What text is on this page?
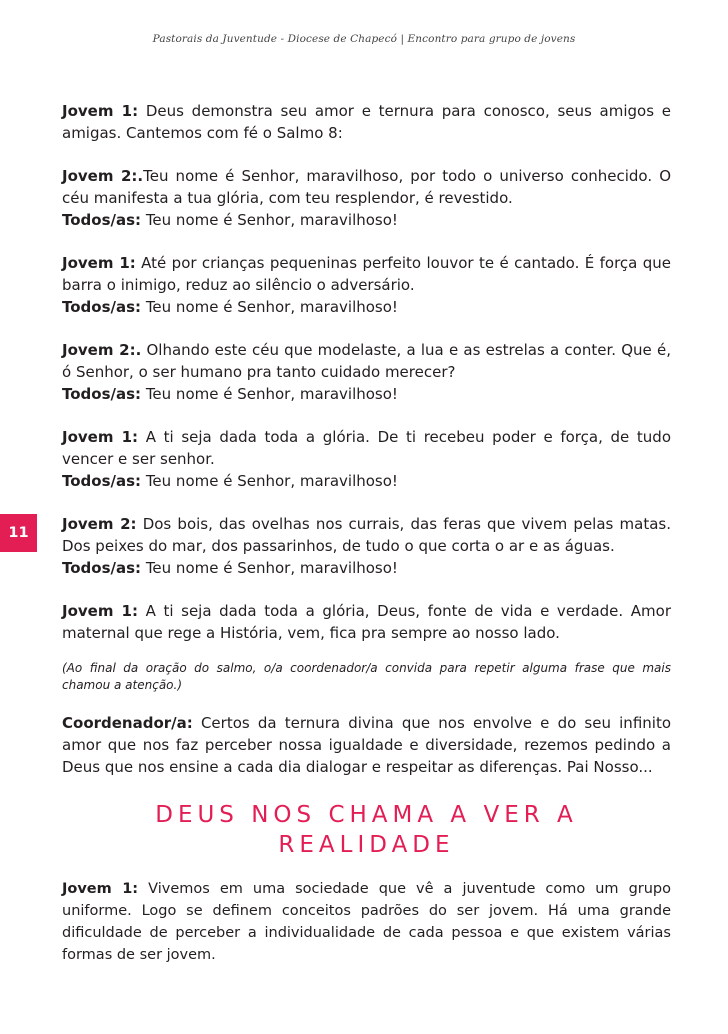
Pastorais da Juventude - Diocese de Chapecó | Encontro para grupo de jovens
11

Jovem 1: Deus demonstra seu amor e ternura para conosco, seus amigos e amigas. Cantemos com fé o Salmo 8:

Jovem 2:.Teu nome é Senhor, maravilhoso, por todo o universo conhecido. O céu manifesta a tua glória, com teu resplendor, é revestido.

Todos/as: Teu nome é Senhor, maravilhoso!

Jovem 1: Até por crianças pequeninas perfeito louvor te é cantado. É força que barra o inimigo, reduz ao silêncio o adversário.

Todos/as: Teu nome é Senhor, maravilhoso!

Jovem 2:. Olhando este céu que modelaste, a lua e as estrelas a conter. Que é, ó Senhor, o ser humano pra tanto cuidado merecer?

Todos/as: Teu nome é Senhor, maravilhoso!

Jovem 1: A ti seja dada toda a glória. De ti recebeu poder e força, de tudo vencer e ser senhor.

Todos/as: Teu nome é Senhor, maravilhoso!

Jovem 2: Dos bois, das ovelhas nos currais, das feras que vivem pelas matas. Dos peixes do mar, dos passarinhos, de tudo o que corta o ar e as águas.

Todos/as: Teu nome é Senhor, maravilhoso!

Jovem 1: A ti seja dada toda a glória, Deus, fonte de vida e verdade. Amor maternal que rege a História, vem, fica pra sempre ao nosso lado.

(Ao final da oração do salmo, o/a coordenador/a convida para repetir alguma frase que mais chamou a atenção.)

Coordenador/a: Certos da ternura divina que nos envolve e do seu infinito amor que nos faz perceber nossa igualdade e diversidade, rezemos pedindo a Deus que nos ensine a cada dia dialogar e respeitar as diferenças. Pai Nosso...

DEUS NOS CHAMA A VER A REALIDADE

Jovem 1: Vivemos em uma sociedade que vê a juventude como um grupo uniforme. Logo se definem conceitos padrões do ser jovem. Há uma grande dificuldade de perceber a individualidade de cada pessoa e que existem várias formas de ser jovem.
